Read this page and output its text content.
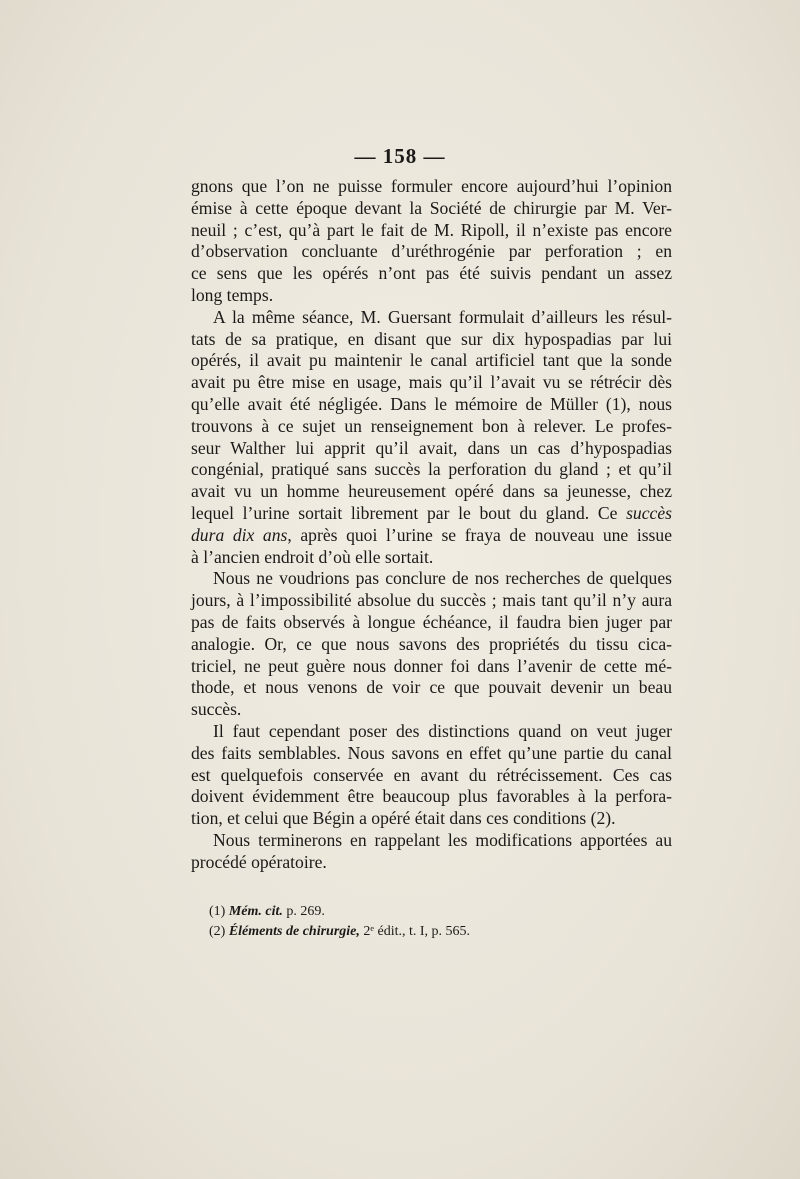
— 158 —
gnons que l’on ne puisse formuler encore aujourd’hui l’opinion
émise à cette époque devant la Société de chirurgie par M. Ver-
neuil ; c’est, qu’à part le fait de M. Ripoll, il n’existe pas encore
d’observation concluante d’uréthrogénie par perforation ; en
ce sens que les opérés n’ont pas été suivis pendant un assez
long temps.
A la même séance, M. Guersant formulait d’ailleurs les résul-
tats de sa pratique, en disant que sur dix hypospadias par lui
opérés, il avait pu maintenir le canal artificiel tant que la sonde
avait pu être mise en usage, mais qu’il l’avait vu se rétrécir dès
qu’elle avait été négligée. Dans le mémoire de Müller (1), nous
trouvons à ce sujet un renseignement bon à relever. Le profes-
seur Walther lui apprit qu’il avait, dans un cas d’hypospadias
congénial, pratiqué sans succès la perforation du gland ; et qu’il
avait vu un homme heureusement opéré dans sa jeunesse, chez
lequel l’urine sortait librement par le bout du gland. Ce succès
dura dix ans, après quoi l’urine se fraya de nouveau une issue
à l’ancien endroit d’où elle sortait.
Nous ne voudrions pas conclure de nos recherches de quelques
jours, à l’impossibilité absolue du succès ; mais tant qu’il n’y aura
pas de faits observés à longue échéance, il faudra bien juger par
analogie. Or, ce que nous savons des propriétés du tissu cica-
triciel, ne peut guère nous donner foi dans l’avenir de cette mé-
thode, et nous venons de voir ce que pouvait devenir un beau
succès.
Il faut cependant poser des distinctions quand on veut juger
des faits semblables. Nous savons en effet qu’une partie du canal
est quelquefois conservée en avant du rétrécissement. Ces cas
doivent évidemment être beaucoup plus favorables à la perfora-
tion, et celui que Bégin a opéré était dans ces conditions (2).
Nous terminerons en rappelant les modifications apportées au
procédé opératoire.
(1) Mém. cit. p. 269.
(2) Éléments de chirurgie, 2ᵉ édit., t. I, p. 565.
